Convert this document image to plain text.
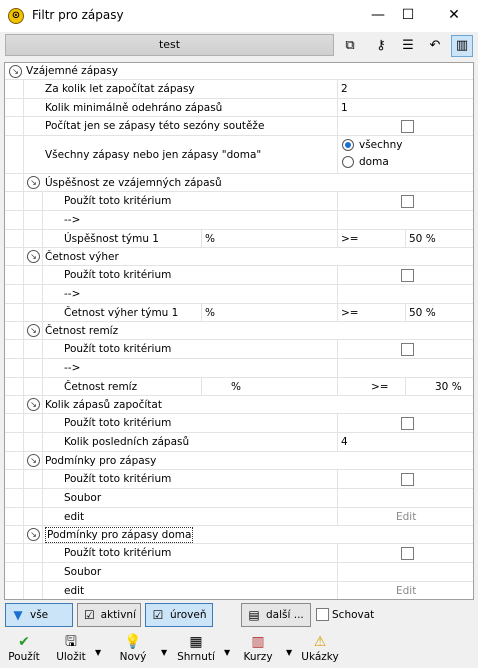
⊙ Filtr pro zápasy	—	☐	✕
test	⧉	⚷	☰	↶	▥
↘ Vzájemné zápasy
Za kolik let započítat zápasy	2
Kolik minimálně odehráno zápasů	1
Počítat jen se zápasy této sezóny soutěže
Všechny zápasy nebo jen zápasy "doma"
všechny
doma
↘ Úspěšnost ze vzájemných zápasů
Použít toto kritérium
-->
Úspěšnost týmu 1	%	>=	50 %
↘ Četnost výher
Použít toto kritérium
-->
Četnost výher týmu 1	%	>=	50 %
↘ Četnost remíz
Použít toto kritérium
-->
Četnost remíz	%	>=	30 %
↘ Kolik zápasů započítat
Použít toto kritérium
Kolik posledních zápasů	4
↘ Podmínky pro zápasy
Použít toto kritérium
Soubor
edit	Edit
↘ Podmínky pro zápasy doma
Použít toto kritérium
Soubor
edit	Edit
▼ vše	☑ aktivní ☑ úroveň	▤ další ...	Schovat
✔
Použít
🖫
Uložit	▼
💡
Nový	▼
▦
Shrnutí	▼
▥
Kurzy	▼
⚠
Ukázky
